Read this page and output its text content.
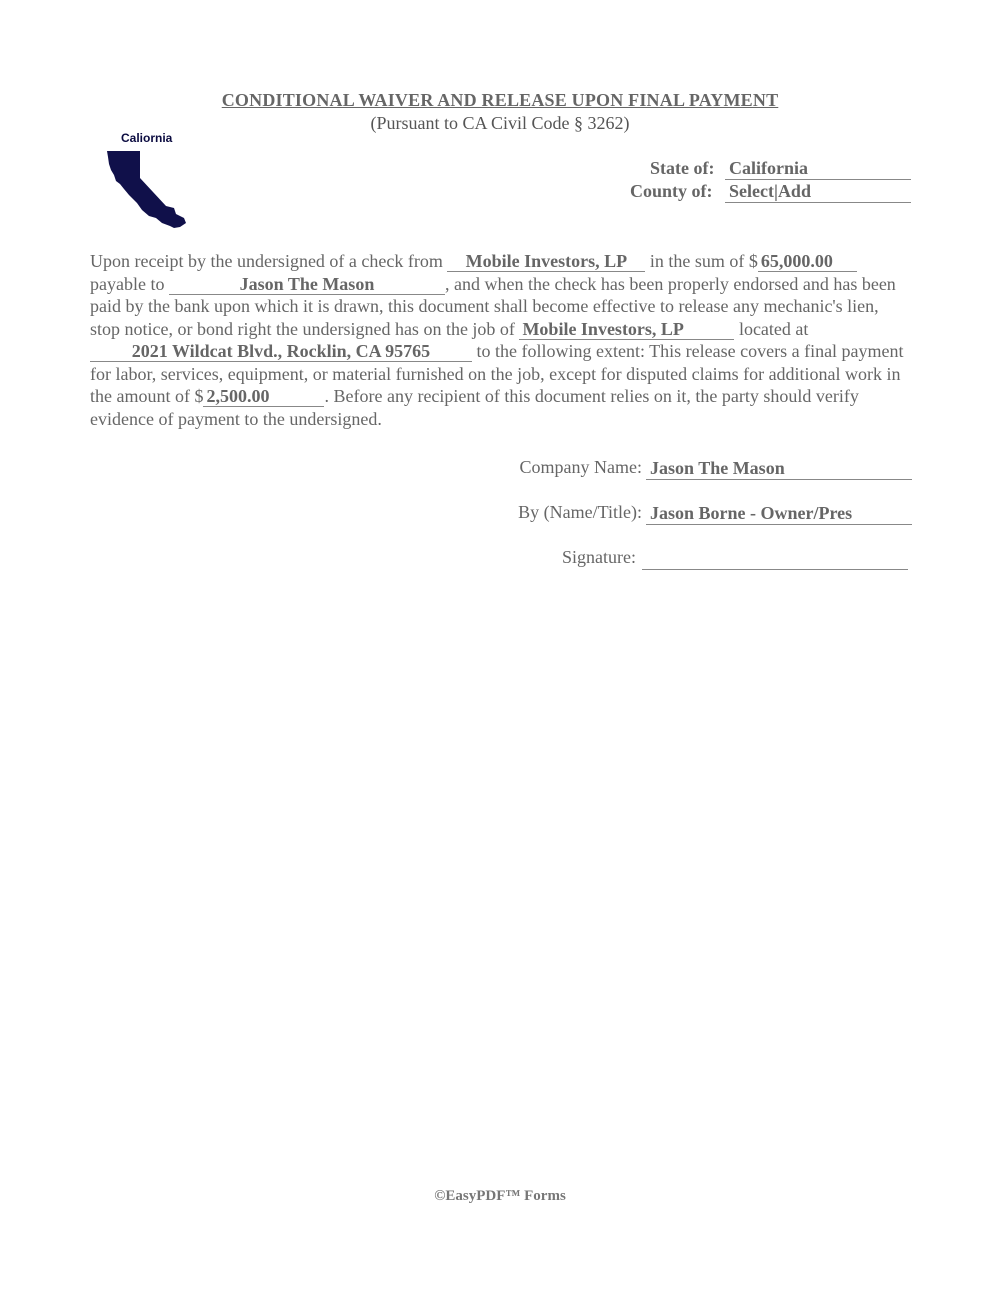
CONDITIONAL WAIVER AND RELEASE UPON FINAL PAYMENT
(Pursuant to CA Civil Code § 3262)
Caliornia
State of: California
County of: Select|Add
Upon receipt by the undersigned of a check from Mobile Investors, LP in the sum of $ 65,000.00 payable to	Jason The Mason	, and when the check has been properly endorsed and has been paid by the bank upon which it is drawn, this document shall become effective to release any mechanic's lien, stop notice, or bond right the undersigned has on the job of Mobile Investors, LP	located at 2021 Wildcat Blvd., Rocklin, CA 95765	to the following extent: This release covers a final payment for labor, services, equipment, or material furnished on the job, except for disputed claims for additional work in the amount of $ 2,500.00	. Before any recipient of this document relies on it, the party should verify evidence of payment to the undersigned.
Company Name: Jason The Mason
By (Name/Title): Jason Borne - Owner/Pres
Signature:
©EasyPDF™ Forms
